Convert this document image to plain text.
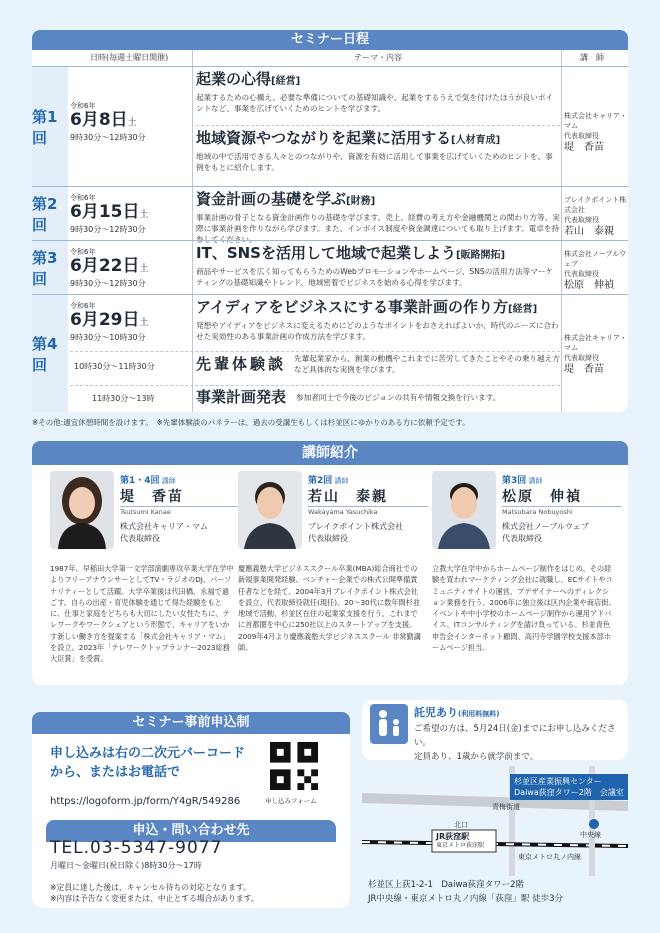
セミナー日程
日時(毎週土曜日開催)	テーマ・内容	講　師
第1回
令和6年
6月8日土
9時30分～12時30分
起業の心得[経営]
起業するための心構え、必要な準備についての基礎知識や、起業をするうえで気を付けたほうが良いポイントなど、事業を広げていくためのヒントを学びます。
地域資源やつながりを起業に活用する[人材育成]
地域の中で活用できる人々とのつながりや、資源を有効に活用して事業を広げていくためのヒントを、事例をもとに紹介します。
株式会社キャリア・マム
代表取締役
堤　香苗
第2回
令和6年
6月15日土
9時30分～12時30分
資金計画の基礎を学ぶ[財務]
事業計画の骨子となる資金計画作りの基礎を学びます。売上、経費の考え方や金融機関との関わり方等、実際に事業計画を作りながら学びます。また、インボイス制度や資金調達についても取り上げます。電卓を持参してください。
ブレイクポイント株式会社
代表取締役
若山　泰親
第3回
令和6年
6月22日土
9時30分～12時30分
IT、SNSを活用して地域で起業しよう[販路開拓]
商品やサービスを広く知ってもらうためのWebプロモーションやホームページ、SNSの活用方法等マーケティングの基礎知識やトレンド、地域密着でビジネスを始める心得を学びます。
株式会社ノーブルウェブ
代表取締役
松原　伸禎
第4回
令和6年
6月29日土
9時30分～10時30分
アイディアをビジネスにする事業計画の作り方[経営]
発想やアイディアをビジネスに変えるためにどのようなポイントをおさえればよいか、時代のニーズに合わせた実効性のある事業計画の作成方法を学びます。
10時30分～11時30分	先輩体験談 先輩起業家から、創業の動機やこれまでに苦労してきたことやその乗り越え方など具体的な実例を学びます。
11時30分～13時	事業計画発表 参加者同士で今後のビジョンの共有や情報交換を行います。
株式会社キャリア・マム
代表取締役
堤　香苗
※その他:適宜休憩時間を設けます。　※先輩体験談のパネラーは、過去の受講生もしくは杉並区にゆかりのある方に依頼予定です。
講師紹介
第1・4回 講師
堤　香苗
Tsutsumi Kanae
株式会社キャリア・マム
代表取締役
1987年、早稲田大学第一文学部演劇専攻卒業大学在学中よりフリーアナウンサーとしてTV・ラジオのDJ、パーソナリティーとして活躍。大学卒業後は代田橋、永福で過ごす。自らの出産・育児体験を通じて得た経験をもとに、仕事と家庭をどちらも大切にしたい女性たちに、テレワークやワークシェアという形態で、キャリアをいかす新しい働き方を提案する「株式会社キャリア・マム」を設立。2023年「テレワークトップランナー2023総務大臣賞」を受賞。
第2回 講師
若山　泰親
Wakayama Yasuchika
ブレイクポイント株式会社
代表取締役
慶應義塾大学ビジネススクール卒業(MBA)総合商社での新規事業開発経験、ベンチャー企業での株式公開準備責任者などを経て、2004年3月ブレイクポイント株式会社を設立、代表取締役就任(現任)。20～30代に数年間杉並地域で活動、杉並区在住の起業家支援を行う。これまでに首都圏を中心に250社以上のスタートアップを支援。2009年4月より慶應義塾大学ビジネススクール 非常勤講師。
第3回 講師
松原　伸禎
Matsubara Nobuyoshi
株式会社ノーブルウェブ
代表取締役
立教大学在学中からホームページ制作をはじめ、その経験を買われマーケティング会社に就職し、ECサイトやコミュニティサイトの運営、プデザイナーへのディレクション業務を行う。2006年に独立後は区内企業や商店街、イベントや中小学校のホームページ制作から運用アドバイス、ITコンサルティングを請け負っている。杉並青色申告会インターネット顧問、高円寺学園学校支援本部ホームページ担当。
セミナー事前申込制
申し込みは右の二次元バーコード
から、またはお電話で
https://logoform.jp/form/Y4gR/549286	申し込みフォーム
申込・問い合わせ先
TEL.03-5347-9077
月曜日～金曜日(祝日除く)8時30分～17時
※定員に達した後は、キャンセル待ちの対応となります。
※内容は予告なく変更または、中止とする場合があります。
託児あり(利用料無料)
ご希望の方は、5月24日(金)までにお申し込みください。
定員あり、1歳から就学前まで。
杉並区産業振興センター
Daiwa荻窪タワー2階　会議室
青梅街道
北口
JR荻窪駅
東京メトロ荻窪駅
中央線
東京メトロ丸ノ内線
杉並区上荻1-2-1　Daiwa荻窪タワー2階
JR中央線・東京メトロ丸ノ内線「荻窪」駅 徒歩3分
